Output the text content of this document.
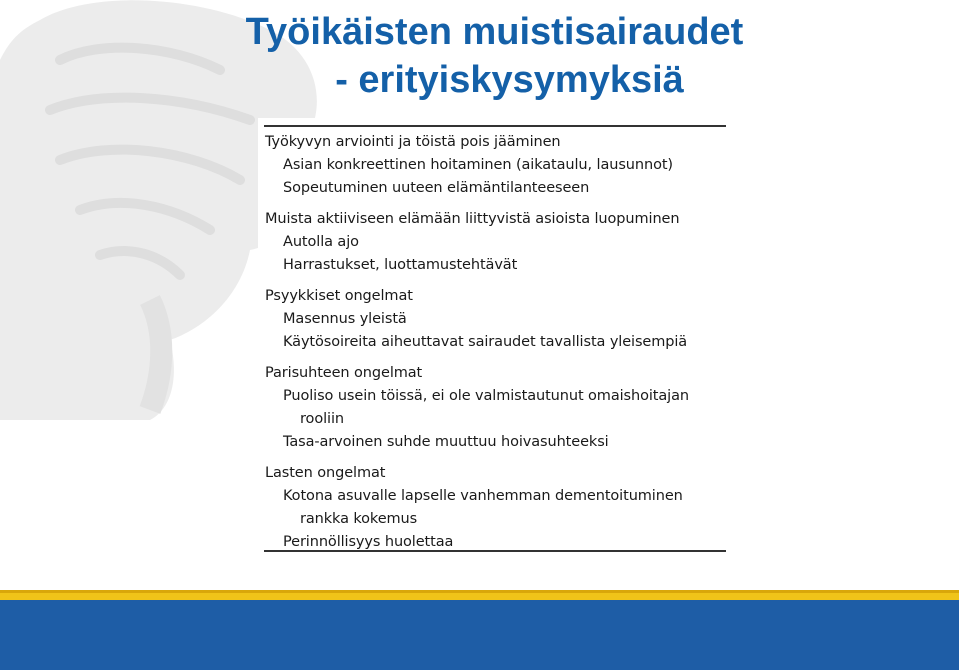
Työikäisten muistisairaudet
- erityiskysymyksiä
Työkyvyn arviointi ja töistä pois jääminen
Asian konkreettinen hoitaminen (aikataulu, lausunnot)
Sopeutuminen uuteen elämäntilanteeseen
Muista aktiiviseen elämään liittyvistä asioista luopuminen
Autolla ajo
Harrastukset, luottamustehtävät
Psyykkiset ongelmat
Masennus yleistä
Käytösoireita aiheuttavat sairaudet tavallista yleisempiä
Parisuhteen ongelmat
Puoliso usein töissä, ei ole valmistautunut omaishoitajan
rooliin
Tasa-arvoinen suhde muuttuu hoivasuhteeksi
Lasten ongelmat
Kotona asuvalle lapselle vanhemman dementoituminen
rankka kokemus
Perinnöllisyys huolettaa
